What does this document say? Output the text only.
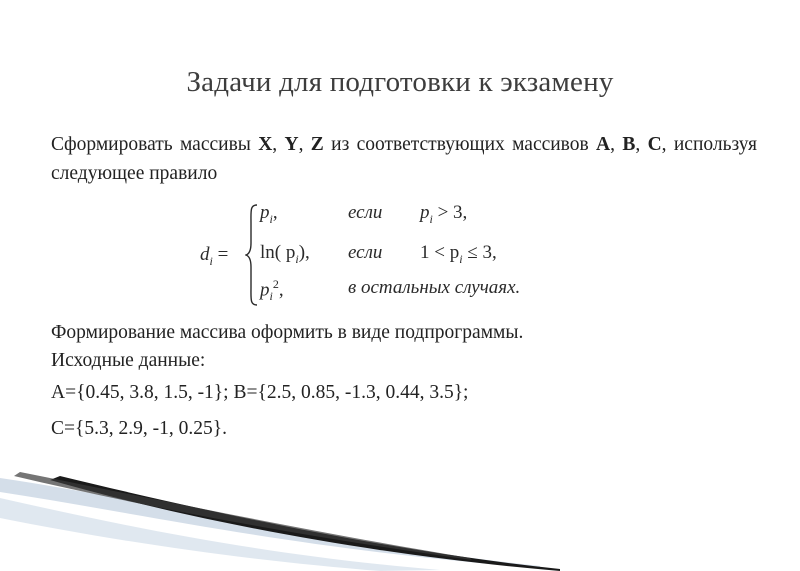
Задачи для подготовки к экзамену
Сформировать массивы X, Y, Z из соответствующих массивов A, B, C, используя следующее правило
$d_i$ =
$p_i$,	если $p_i > 3$,
ln( $p_i$), если $1 < p_i \le 3$,
$p_i^2$,	в остальных случаях.
Формирование массива оформить в виде подпрограммы.
Исходные данные:
A={0.45, 3.8, 1.5, -1}; B={2.5, 0.85, -1.3, 0.44, 3.5};
C={5.3, 2.9, -1, 0.25}.
